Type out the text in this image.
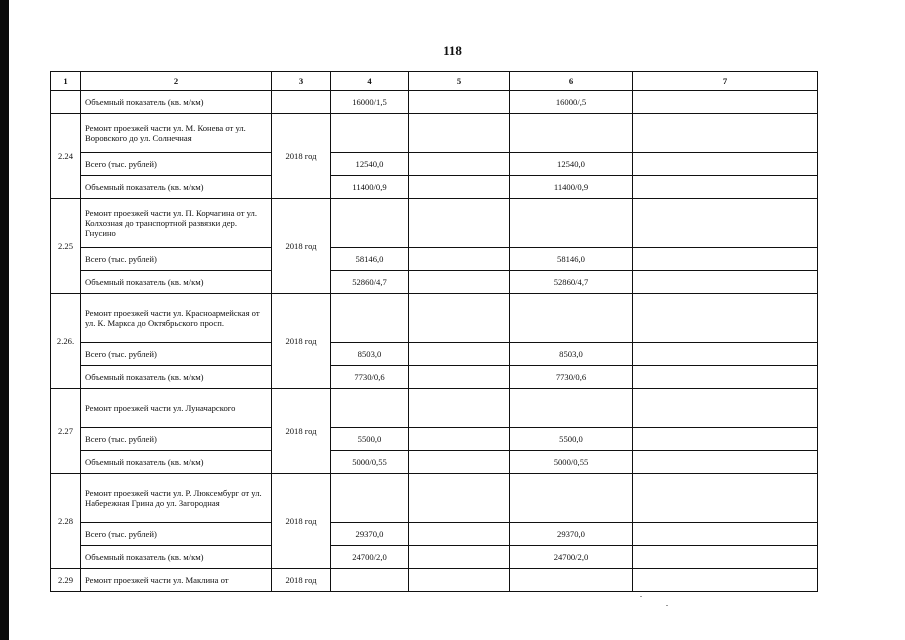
118
1	2	3	4	5	6	7
	Объемный показатель (кв. м/км)		16000/1,5		16000/,5	
2.24	Ремонт проезжей части ул. М. Конева от ул. Воровского до ул. Солнечная	2018 год				
	Всего (тыс. рублей)		12540,0		12540,0	
	Объемный показатель (кв. м/км)		11400/0,9		11400/0,9	
2.25	Ремонт проезжей части ул. П. Корчагина от ул. Колхозная до транспортной развязки дер. Гнусино	2018 год				
	Всего (тыс. рублей)		58146,0		58146,0	
	Объемный показатель (кв. м/км)		52860/4,7		52860/4,7	
2.26.	Ремонт проезжей части ул. Красноармейская от ул. К. Маркса до Октябрьского просп.	2018 год				
	Всего (тыс. рублей)		8503,0		8503,0	
	Объемный показатель (кв. м/км)		7730/0,6		7730/0,6	
2.27	Ремонт проезжей части ул. Луначарского	2018 год				
	Всего (тыс. рублей)		5500,0		5500,0	
	Объемный показатель (кв. м/км)		5000/0,55		5000/0,55	
2.28	Ремонт проезжей части ул. Р. Люксембург от ул. Набережная Грина до ул. Загородная	2018 год				
	Всего (тыс. рублей)		29370,0		29370,0	
	Объемный показатель (кв. м/км)		24700/2,0		24700/2,0	
2.29	Ремонт проезжей части ул. Маклина от	2018 год				
